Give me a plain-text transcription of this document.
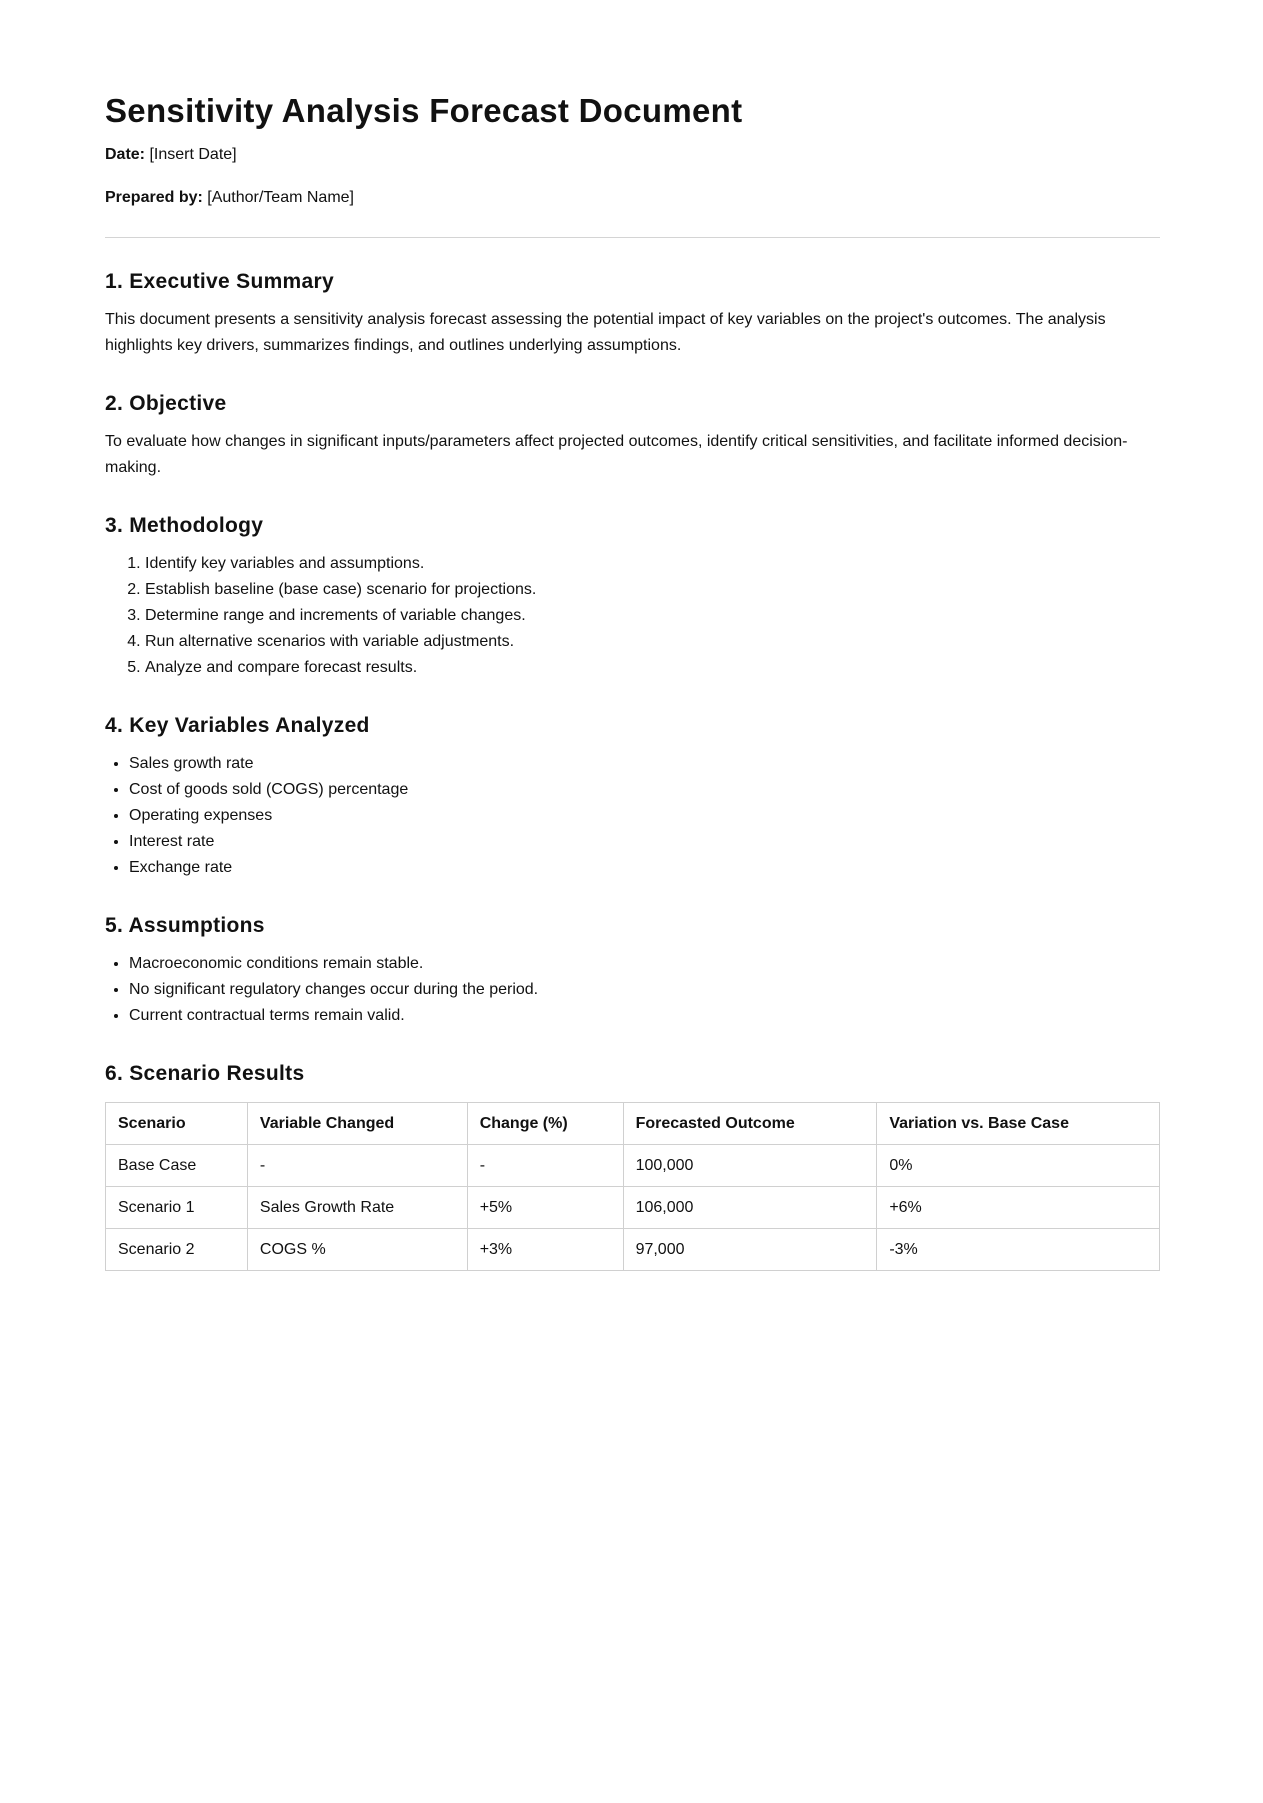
Sensitivity Analysis Forecast Document

Date: [Insert Date]

Prepared by: [Author/Team Name]

1. Executive Summary

This document presents a sensitivity analysis forecast assessing the potential impact of key variables on the project's outcomes. The analysis highlights key drivers, summarizes findings, and outlines underlying assumptions.

2. Objective

To evaluate how changes in significant inputs/parameters affect projected outcomes, identify critical sensitivities, and facilitate informed decision-making.

3. Methodology
1. Identify key variables and assumptions.
2. Establish baseline (base case) scenario for projections.
3. Determine range and increments of variable changes.
4. Run alternative scenarios with variable adjustments.
5. Analyze and compare forecast results.
4. Key Variables Analyzed
• Sales growth rate
• Cost of goods sold (COGS) percentage
• Operating expenses
• Interest rate
• Exchange rate
5. Assumptions
• Macroeconomic conditions remain stable.
• No significant regulatory changes occur during the period.
• Current contractual terms remain valid.
6. Scenario Results
Scenario	Variable Changed	Change (%)	Forecasted Outcome	Variation vs. Base Case
Base Case	-	-	100,000	0%
Scenario 1	Sales Growth Rate	+5%	106,000	+6%
Scenario 2	COGS %	+3%	97,000	-3%
